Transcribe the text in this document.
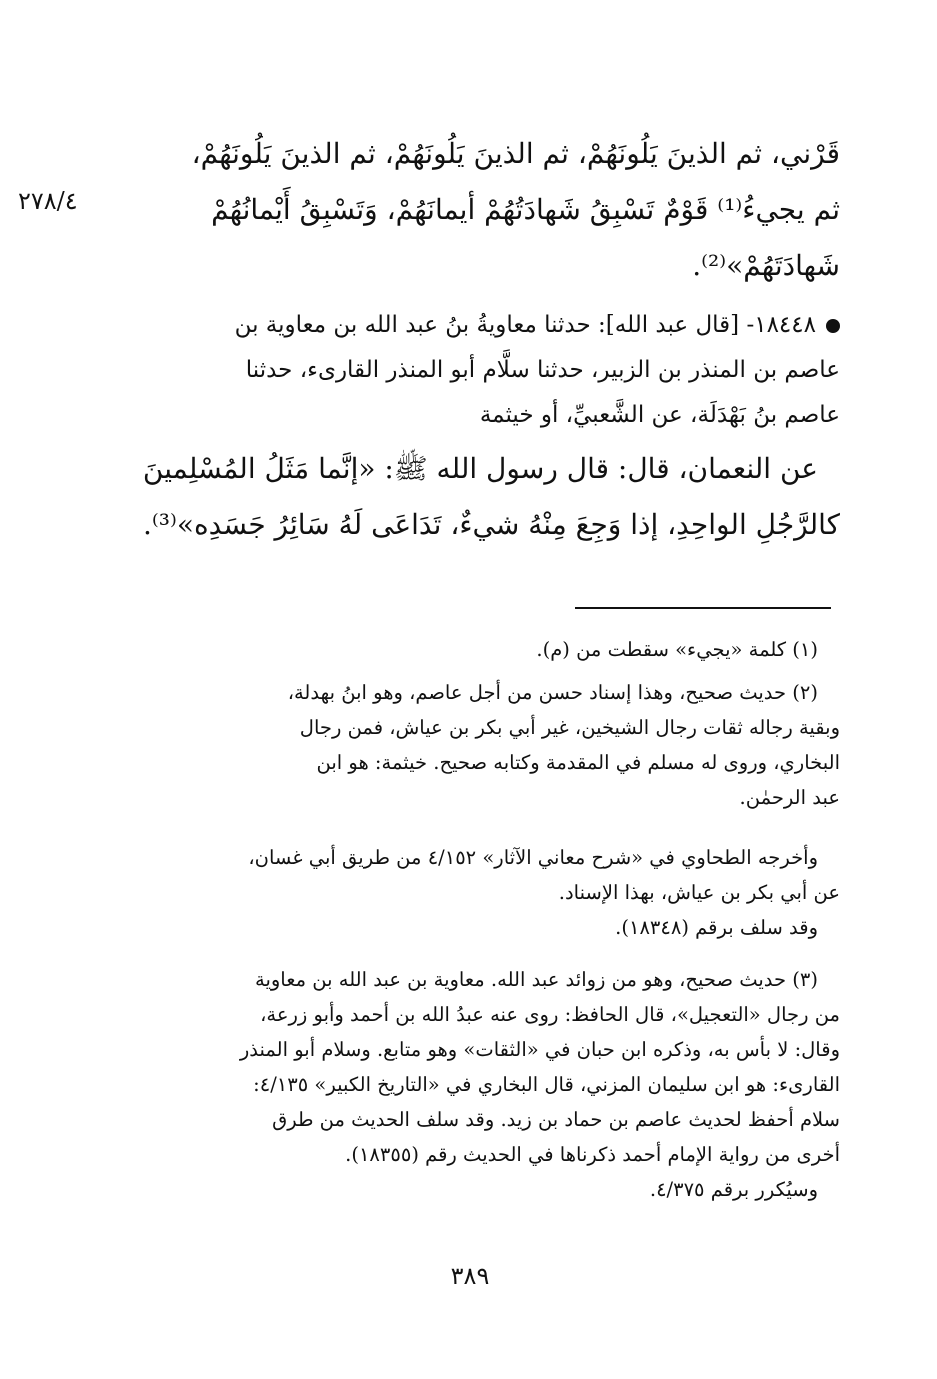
٢٧٨/٤
قَرْني، ثم الذينَ يَلُونَهُمْ، ثم الذينَ يَلُونَهُمْ، ثم الذينَ يَلُونَهُمْ،
ثم يجيءُ⁽¹⁾ قَوْمٌ تَسْبِقُ شَهادَتُهُمْ أيمانَهُمْ، وَتَسْبِقُ أَيْمانُهُمْ
شَهادَتَهُمْ»⁽²⁾.
١٨٤٤٨- [قال عبد الله]: حدثنا معاويةُ بنُ عبد الله بن معاوية بن
عاصم بن المنذر بن الزبير، حدثنا سلَّام أبو المنذر القارىء، حدثنا
عاصم بنُ بَهْدَلَة، عن الشَّعبيِّ، أو خيثمة
عن النعمان، قال: قال رسول الله ﷺ: «إنَّما مَثَلُ المُسْلِمينَ
كالرَّجُلِ الواحِدِ، إذا وَجِعَ مِنْهُ شيءٌ، تَدَاعَى لَهُ سَائِرُ جَسَدِه»⁽³⁾.
(١) كلمة «يجيء» سقطت من (م).
(٢) حديث صحيح، وهذا إسناد حسن من أجل عاصم، وهو ابنُ بهدلة،
وبقية رجاله ثقات رجال الشيخين، غير أبي بكر بن عياش، فمن رجال
البخاري، وروى له مسلم في المقدمة وكتابه صحيح. خيثمة: هو ابن
عبد الرحمٰن.
وأخرجه الطحاوي في «شرح معاني الآثار» ٤/١٥٢ من طريق أبي غسان،
عن أبي بكر بن عياش، بهذا الإسناد.
وقد سلف برقم (١٨٣٤٨).
(٣) حديث صحيح، وهو من زوائد عبد الله. معاوية بن عبد الله بن معاوية
من رجال «التعجيل»، قال الحافظ: روى عنه عبدُ الله بن أحمد وأبو زرعة،
وقال: لا بأس به، وذكره ابن حبان في «الثقات» وهو متابع. وسلام أبو المنذر
القارىء: هو ابن سليمان المزني، قال البخاري في «التاريخ الكبير» ٤/١٣٥:
سلام أحفظ لحديث عاصم بن حماد بن زيد. وقد سلف الحديث من طرق
أخرى من رواية الإمام أحمد ذكرناها في الحديث رقم (١٨٣٥٥).
وسيُكرر برقم ٤/٣٧٥.
٣٨٩
